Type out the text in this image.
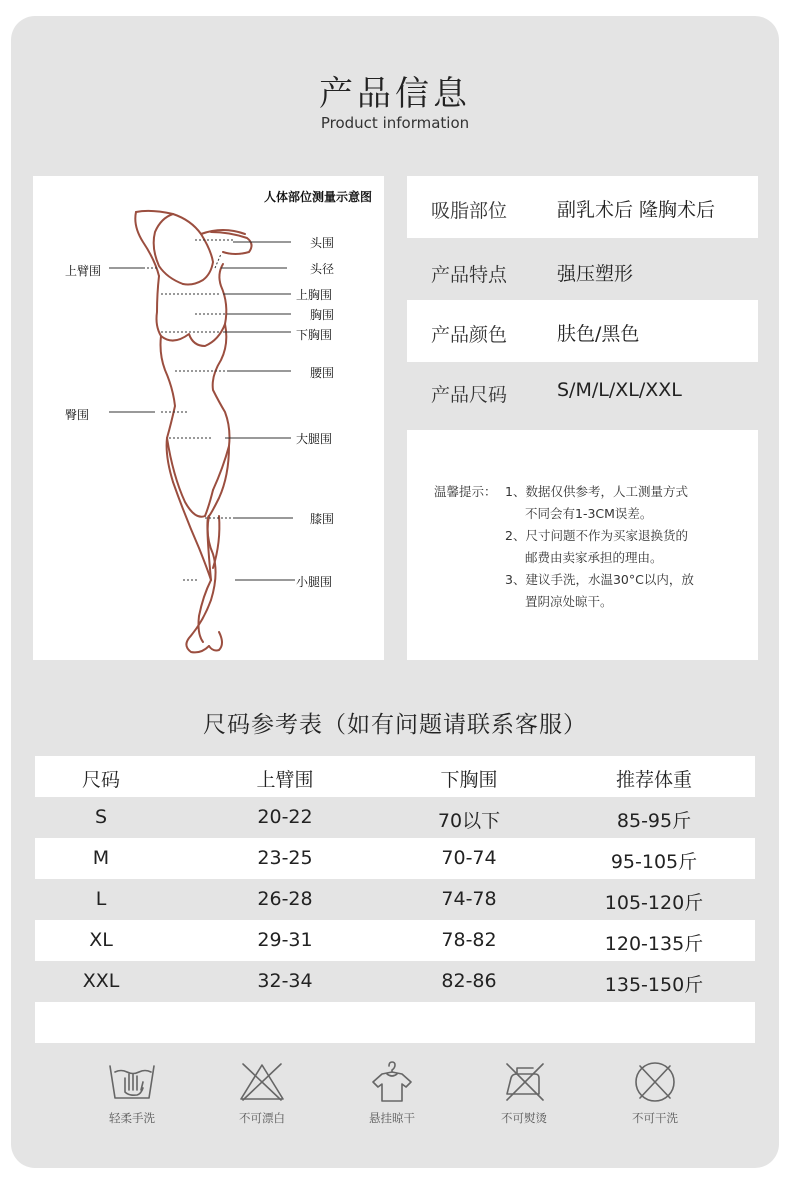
产品信息
Product information
人体部位测量示意图
头围
头径
上臂围
上胸围
胸围
下胸围
腰围
臀围
大腿围
膝围
小腿围
吸脂部位	副乳术后 隆胸术后
产品特点	强压塑形
产品颜色	肤色/黑色
产品尺码	S/M/L/XL/XXL
温馨提示： 1、数据仅供参考，人工测量方式
不同会有1-3CM误差。
2、尺寸问题不作为买家退换货的
邮费由卖家承担的理由。
3、建议手洗，水温30°C以内，放
置阴凉处晾干。
尺码参考表（如有问题请联系客服）
尺码	上臂围	下胸围	推荐体重
S	20-22	70以下	85-95斤
M	23-25	70-74	95-105斤
L	26-28	74-78	105-120斤
XL	29-31	78-82	120-135斤
XXL	32-34	82-86	135-150斤
轻柔手洗	不可漂白	悬挂晾干	不可熨烫	不可干洗
